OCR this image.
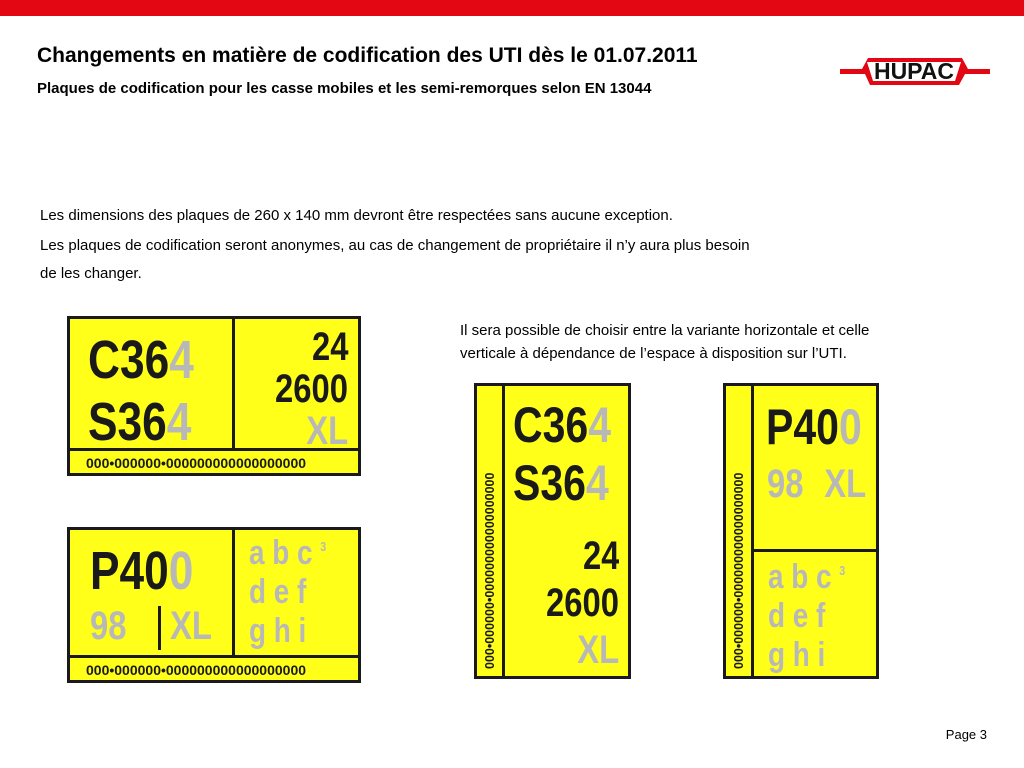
Changements en matière de codification des UTI dès le 01.07.2011
Plaques de codification pour les casse mobiles et les semi-remorques selon EN 13044
HUPAC
Les dimensions des plaques de 260 x 140 mm devront être respectées sans aucune exception.
Les plaques de codification seront anonymes, au cas de changement de propriétaire il n’y aura plus besoin
de les changer.
Il sera possible de choisir entre la variante horizontale et celle
verticale à dépendance de l’espace à disposition sur l’UTI.
C364 S364
24 2600 XL
000•000000•000000000000000000
P400
98	XL
a b c $^3$ d e f g h i
000•000000•000000000000000000
000•000000•000000000000000000
C364 S364
24 2600 XL	000•000000•000000000000000000
P400
98 XL
a b c $^3$ d e f g h i
Page 3
